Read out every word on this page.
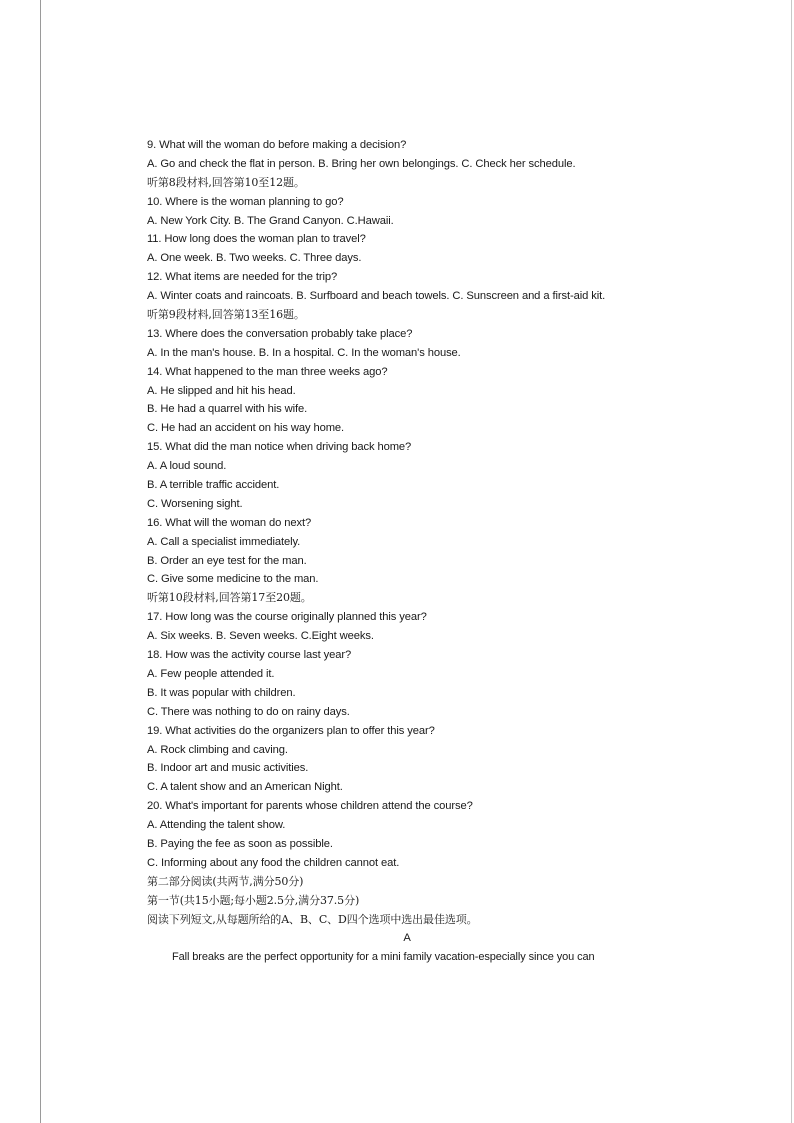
9. What will the woman do before making a decision?
A. Go and check the flat in person. B. Bring her own belongings. C. Check her schedule.
听第8段材料,回答第10至12题。
10. Where is the woman planning to go?
A. New York City. B. The Grand Canyon. C.Hawaii.
11. How long does the woman plan to travel?
A. One week. B. Two weeks. C. Three days.
12. What items are needed for the trip?
A. Winter coats and raincoats. B. Surfboard and beach towels. C. Sunscreen and a first-aid kit.
听第9段材料,回答第13至16题。
13. Where does the conversation probably take place?
A. In the man's house. B. In a hospital. C. In the woman's house.
14. What happened to the man three weeks ago?
A. He slipped and hit his head.
B. He had a quarrel with his wife.
C. He had an accident on his way home.
15. What did the man notice when driving back home?
A. A loud sound.
B. A terrible traffic accident.
C. Worsening sight.
16. What will the woman do next?
A. Call a specialist immediately.
B. Order an eye test for the man.
C. Give some medicine to the man.
听第10段材料,回答第17至20题。
17. How long was the course originally planned this year?
A. Six weeks. B. Seven weeks. C.Eight weeks.
18. How was the activity course last year?
A. Few people attended it.
B. It was popular with children.
C. There was nothing to do on rainy days.
19. What activities do the organizers plan to offer this year?
A. Rock climbing and caving.
B. Indoor art and music activities.
C. A talent show and an American Night.
20. What's important for parents whose children attend the course?
A. Attending the talent show.
B. Paying the fee as soon as possible.
C. Informing about any food the children cannot eat.
第二部分阅读(共两节,满分50分)
第一节(共15小题;每小题2.5分,满分37.5分)
阅读下列短文,从每题所给的A、B、C、D四个选项中选出最佳选项。
A
Fall breaks are the perfect opportunity for a mini family vacation-especially since you can
